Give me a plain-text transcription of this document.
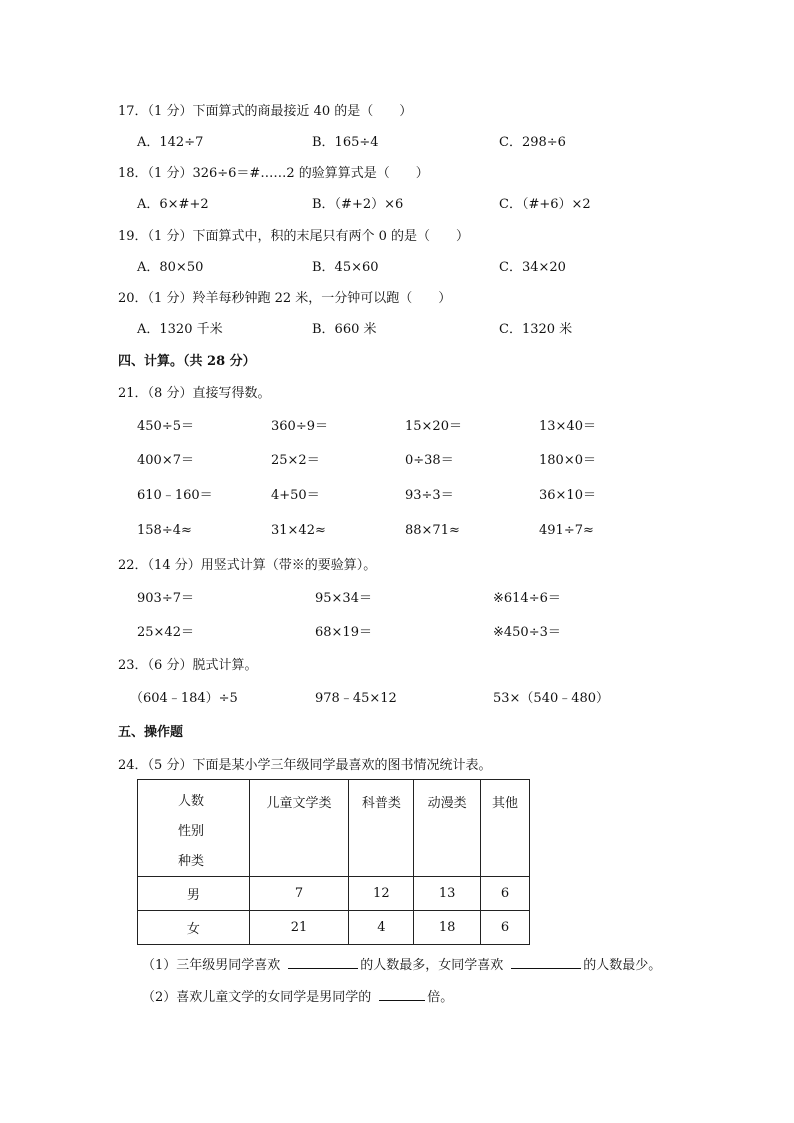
17．（1 分）下面算式的商最接近 40 的是（　　）
A．142÷7	B．165÷4	C．298÷6
18．（1 分）326÷6＝#……2 的验算算式是（　　）
A．6×#+2	B．（#+2）×6	C．（#+6）×2
19．（1 分）下面算式中，积的末尾只有两个 0 的是（　　）
A．80×50	B．45×60	C．34×20
20．（1 分）羚羊每秒钟跑 22 米，一分钟可以跑（　　）
A．1320 千米	B．660 米	C．1320 米
四、计算。（共 28 分）
21．（8 分）直接写得数。
450÷5＝	360÷9＝	15×20＝	13×40＝
400×7＝	25×2＝	0÷38＝	180×0＝
610﹣160＝	4+50＝	93÷3＝	36×10＝
158÷4≈	31×42≈	88×71≈	491÷7≈
22．（14 分）用竖式计算（带※的要验算）。
903÷7＝	95×34＝	※614÷6＝
25×42＝	68×19＝	※450÷3＝
23．（6 分）脱式计算。
（604﹣184）÷5	978﹣45×12	53×（540﹣480）
五、操作题
24．（5 分）下面是某小学三年级同学最喜欢的图书情况统计表。
人数
性别
种类	儿童文学类	科普类	动漫类	其他
男	7	12	13	6
女	21	4	18	6
（1）三年级男同学喜欢	的人数最多，女同学喜欢	的人数最少。
（2）喜欢儿童文学的女同学是男同学的	倍。
